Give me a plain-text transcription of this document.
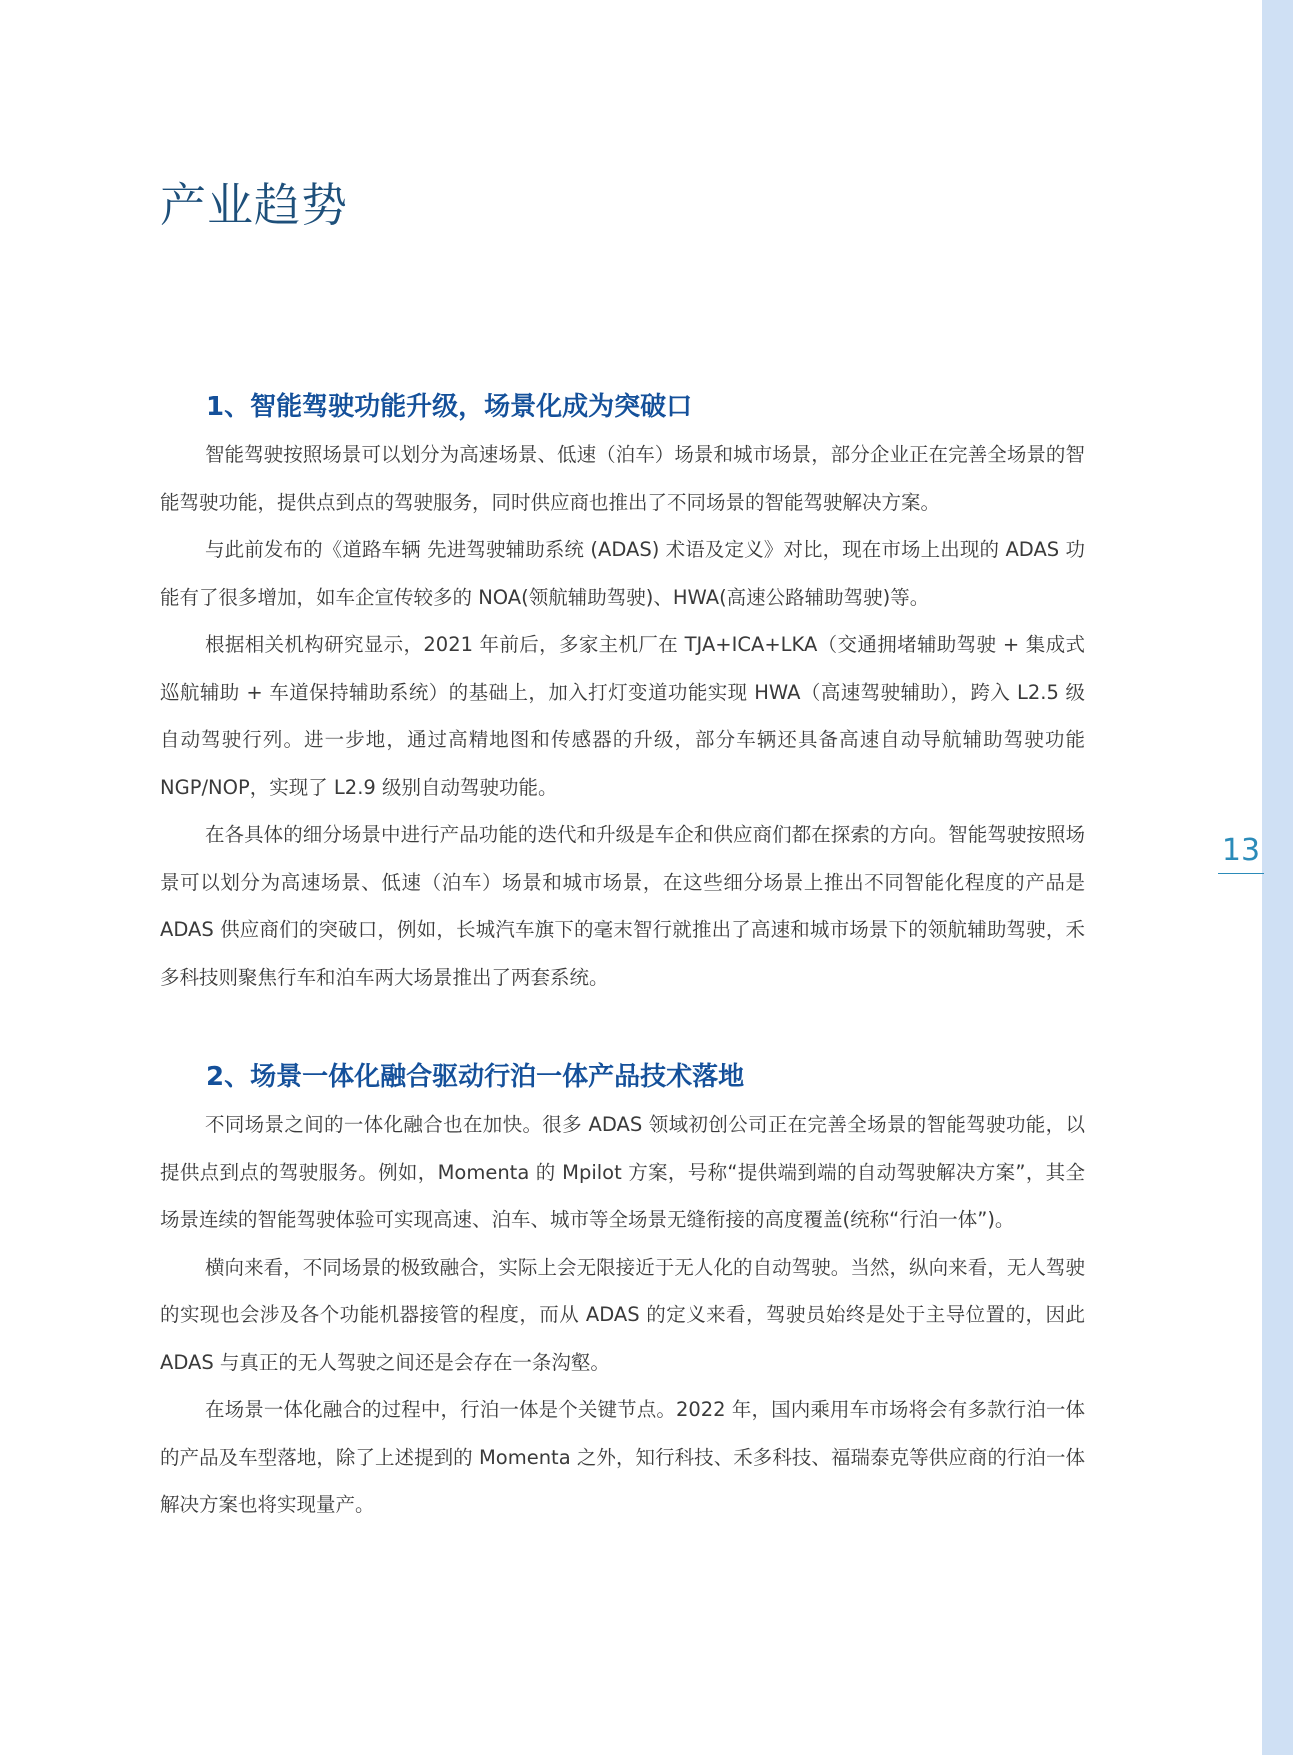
产业趋势
1、智能驾驶功能升级，场景化成为突破口

智能驾驶按照场景可以划分为高速场景、低速（泊车）场景和城市场景，部分企业正在完善全场景的智能驾驶功能，提供点到点的驾驶服务，同时供应商也推出了不同场景的智能驾驶解决方案。

与此前发布的《道路车辆 先进驾驶辅助系统 (ADAS) 术语及定义》对比，现在市场上出现的 ADAS 功能有了很多增加，如车企宣传较多的 NOA(领航辅助驾驶)、HWA(高速公路辅助驾驶)等。

根据相关机构研究显示，2021 年前后，多家主机厂在 TJA+ICA+LKA（交通拥堵辅助驾驶 + 集成式巡航辅助 + 车道保持辅助系统）的基础上，加入打灯变道功能实现 HWA（高速驾驶辅助），跨入 L2.5 级自动驾驶行列。进一步地，通过高精地图和传感器的升级，部分车辆还具备高速自动导航辅助驾驶功能 NGP/NOP，实现了 L2.9 级别自动驾驶功能。

在各具体的细分场景中进行产品功能的迭代和升级是车企和供应商们都在探索的方向。智能驾驶按照场景可以划分为高速场景、低速（泊车）场景和城市场景，在这些细分场景上推出不同智能化程度的产品是 ADAS 供应商们的突破口，例如，长城汽车旗下的毫末智行就推出了高速和城市场景下的领航辅助驾驶，禾多科技则聚焦行车和泊车两大场景推出了两套系统。

2、场景一体化融合驱动行泊一体产品技术落地

不同场景之间的一体化融合也在加快。很多 ADAS 领域初创公司正在完善全场景的智能驾驶功能，以提供点到点的驾驶服务。例如，Momenta 的 Mpilot 方案，号称“提供端到端的自动驾驶解决方案”，其全场景连续的智能驾驶体验可实现高速、泊车、城市等全场景无缝衔接的高度覆盖(统称“行泊一体”)。

横向来看，不同场景的极致融合，实际上会无限接近于无人化的自动驾驶。当然，纵向来看，无人驾驶的实现也会涉及各个功能机器接管的程度，而从 ADAS 的定义来看，驾驶员始终是处于主导位置的，因此 ADAS 与真正的无人驾驶之间还是会存在一条沟壑。

在场景一体化融合的过程中，行泊一体是个关键节点。2022 年，国内乘用车市场将会有多款行泊一体的产品及车型落地，除了上述提到的 Momenta 之外，知行科技、禾多科技、福瑞泰克等供应商的行泊一体解决方案也将实现量产。

13
